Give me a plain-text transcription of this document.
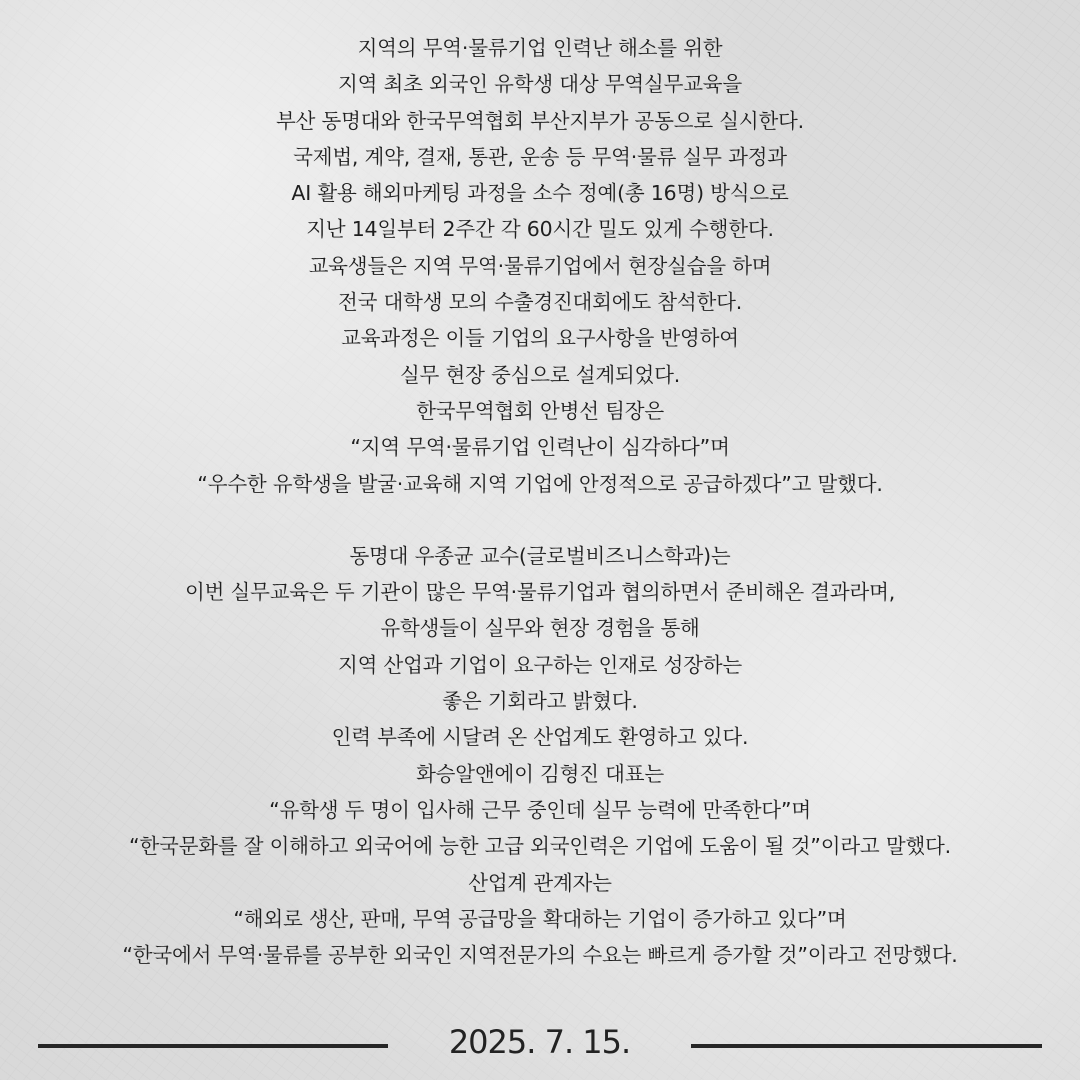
지역의 무역·물류기업 인력난 해소를 위한
지역 최초 외국인 유학생 대상 무역실무교육을
부산 동명대와 한국무역협회 부산지부가 공동으로 실시한다.
국제법, 계약, 결재, 통관, 운송 등 무역·물류 실무 과정과
AI 활용 해외마케팅 과정을 소수 정예(총 16명) 방식으로
지난 14일부터 2주간 각 60시간 밀도 있게 수행한다.
교육생들은 지역 무역·물류기업에서 현장실습을 하며
전국 대학생 모의 수출경진대회에도 참석한다.
교육과정은 이들 기업의 요구사항을 반영하여
실무 현장 중심으로 설계되었다.
한국무역협회 안병선 팀장은
“지역 무역·물류기업 인력난이 심각하다”며
“우수한 유학생을 발굴·교육해 지역 기업에 안정적으로 공급하겠다”고 말했다.

동명대 우종균 교수(글로벌비즈니스학과)는
이번 실무교육은 두 기관이 많은 무역·물류기업과 협의하면서 준비해온 결과라며,
유학생들이 실무와 현장 경험을 통해
지역 산업과 기업이 요구하는 인재로 성장하는
좋은 기회라고 밝혔다.
인력 부족에 시달려 온 산업계도 환영하고 있다.
화승알앤에이 김형진 대표는
“유학생 두 명이 입사해 근무 중인데 실무 능력에 만족한다”며
“한국문화를 잘 이해하고 외국어에 능한 고급 외국인력은 기업에 도움이 될 것”이라고 말했다.
산업계 관계자는
“해외로 생산, 판매, 무역 공급망을 확대하는 기업이 증가하고 있다”며
“한국에서 무역·물류를 공부한 외국인 지역전문가의 수요는 빠르게 증가할 것”이라고 전망했다.

2025. 7. 15.
